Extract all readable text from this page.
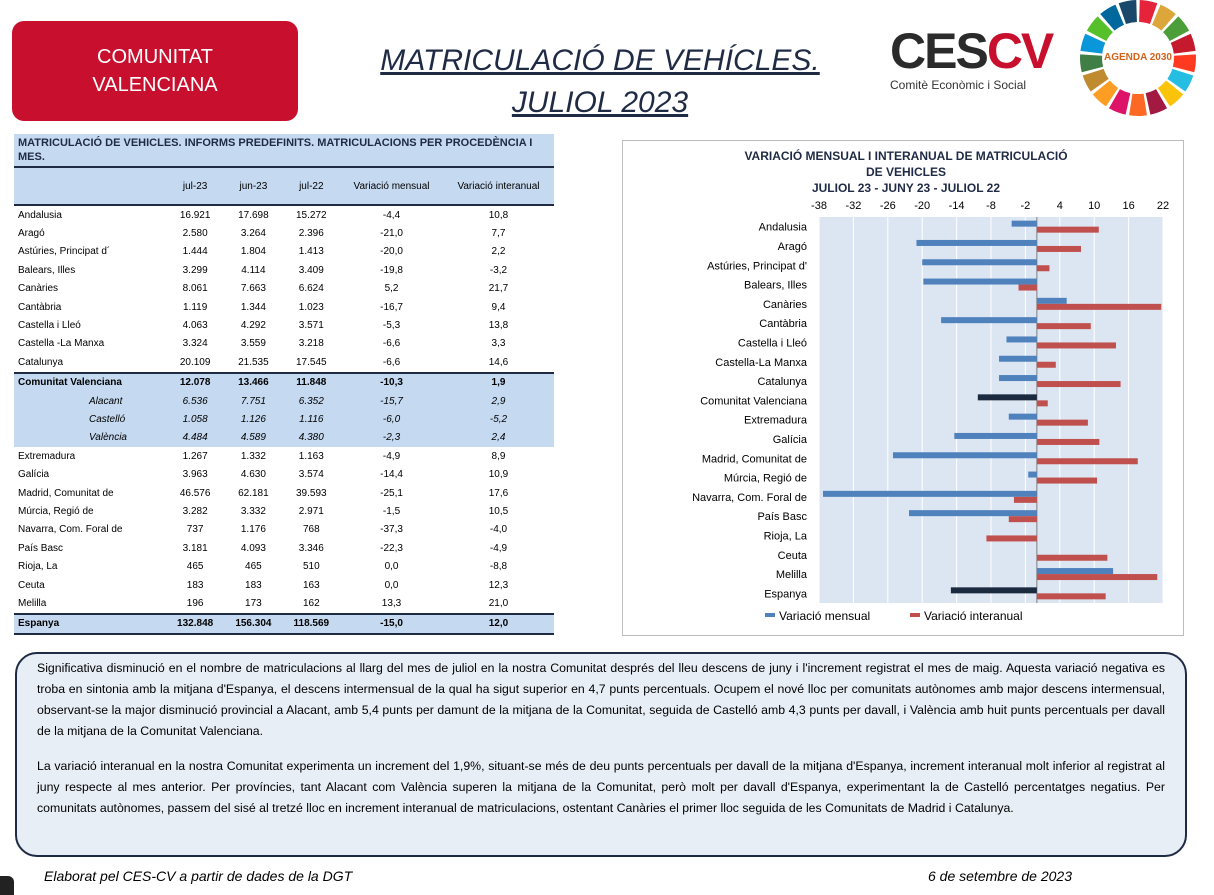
COMUNITAT
VALENCIANA
MATRICULACIÓ DE VEHÍCLES.
JULIOL 2023
CESCV
Comitè Econòmic i Social
AGENDA 2030
MATRICULACIÓ DE VEHICLES. INFORMS PREDEFINITS. MATRICULACIONS PER PROCEDÈNCIA I MES.
	jul-23	jun-23	jul-22	Variació mensual	Variació interanual
Andalusia	16.921	17.698	15.272	-4,4	10,8
Aragó	2.580	3.264	2.396	-21,0	7,7
Astúries, Principat d´	1.444	1.804	1.413	-20,0	2,2
Balears, Illes	3.299	4.114	3.409	-19,8	-3,2
Canàries	8.061	7.663	6.624	5,2	21,7
Cantàbria	1.119	1.344	1.023	-16,7	9,4
Castella i Lleó	4.063	4.292	3.571	-5,3	13,8
Castella -La Manxa	3.324	3.559	3.218	-6,6	3,3
Catalunya	20.109	21.535	17.545	-6,6	14,6
Comunitat Valenciana	12.078	13.466	11.848	-10,3	1,9
Alacant	6.536	7.751	6.352	-15,7	2,9
Castelló	1.058	1.126	1.116	-6,0	-5,2
València	4.484	4.589	4.380	-2,3	2,4
Extremadura	1.267	1.332	1.163	-4,9	8,9
Galícia	3.963	4.630	3.574	-14,4	10,9
Madrid, Comunitat de	46.576	62.181	39.593	-25,1	17,6
Múrcia, Regió de	3.282	3.332	2.971	-1,5	10,5
Navarra, Com. Foral de	737	1.176	768	-37,3	-4,0
País Basc	3.181	4.093	3.346	-22,3	-4,9
Rioja, La	465	465	510	0,0	-8,8
Ceuta	183	183	163	0,0	12,3
Melilla	196	173	162	13,3	21,0
Espanya	132.848	156.304	118.569	-15,0	12,0
VARIACIÓ MENSUAL I INTERANUAL DE MATRICULACIÓ
DE VEHICLES
JULIOL 23 - JUNY 23 - JULIOL 22
-38 -32 -26 -20 -14 -8 -2 4 10 16 22
Andalusia
Aragó
Astúries, Principat d'
Balears, Illes
Canàries
Cantàbria
Castella i Lleó
Castella-La Manxa
Catalunya
Comunitat Valenciana
Extremadura
Galícia
Madrid, Comunitat de
Múrcia, Regió de
Navarra, Com. Foral de
País Basc
Rioja, La
Ceuta
Melilla
Espanya
Variació mensual	Variació interanual

Significativa disminució en el nombre de matriculacions al llarg del mes de juliol en la nostra Comunitat després del lleu descens de juny i l'increment registrat el mes de maig. Aquesta variació negativa es troba en sintonia amb la mitjana d'Espanya, el descens intermensual de la qual ha sigut superior en 4,7 punts percentuals. Ocupem el nové lloc per comunitats autònomes amb major descens intermensual, observant-se la major disminució provincial a Alacant, amb 5,4 punts per damunt de la mitjana de la Comunitat, seguida de Castelló amb 4,3 punts per davall, i València amb huit punts percentuals per davall de la mitjana de la Comunitat Valenciana.

La variació interanual en la nostra Comunitat experimenta un increment del 1,9%, situant-se més de deu punts percentuals per davall de la mitjana d'Espanya, increment interanual molt inferior al registrat al juny respecte al mes anterior. Per províncies, tant Alacant com València superen la mitjana de la Comunitat, però molt per davall d'Espanya, experimentant la de Castelló percentatges negatius. Per comunitats autònomes, passem del sisé al tretzé lloc en increment interanual de matriculacions, ostentant Canàries el primer lloc seguida de les Comunitats de Madrid i Catalunya.

Elaborat pel CES-CV a partir de dades de la DGT	6 de setembre de 2023
